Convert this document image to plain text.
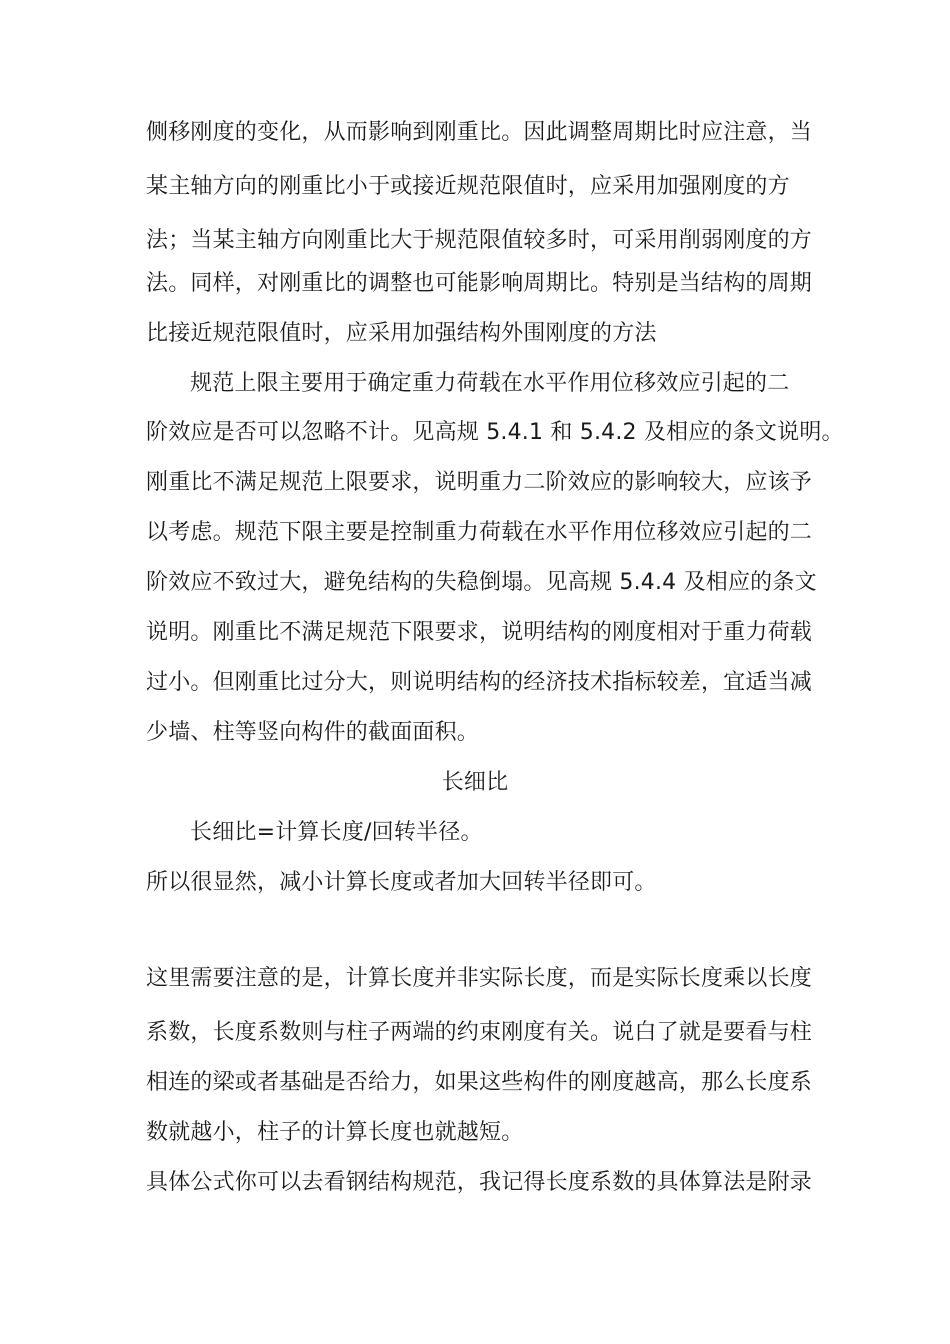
侧移刚度的变化，从而影响到刚重比。因此调整周期比时应注意，当
某主轴方向的刚重比小于或接近规范限值时，应采用加强刚度的方
法；当某主轴方向刚重比大于规范限值较多时，可采用削弱刚度的方
法。同样，对刚重比的调整也可能影响周期比。特别是当结构的周期
比接近规范限值时，应采用加强结构外围刚度的方法
规范上限主要用于确定重力荷载在水平作用位移效应引起的二
阶效应是否可以忽略不计。见高规 5.4.1 和 5.4.2 及相应的条文说明。
刚重比不满足规范上限要求，说明重力二阶效应的影响较大，应该予
以考虑。规范下限主要是控制重力荷载在水平作用位移效应引起的二
阶效应不致过大，避免结构的失稳倒塌。见高规 5.4.4 及相应的条文
说明。刚重比不满足规范下限要求，说明结构的刚度相对于重力荷载
过小。但刚重比过分大，则说明结构的经济技术指标较差，宜适当减
少墙、柱等竖向构件的截面面积。
长细比
长细比=计算长度/回转半径。
所以很显然，减小计算长度或者加大回转半径即可。
这里需要注意的是，计算长度并非实际长度，而是实际长度乘以长度
系数，长度系数则与柱子两端的约束刚度有关。说白了就是要看与柱
相连的梁或者基础是否给力，如果这些构件的刚度越高，那么长度系
数就越小，柱子的计算长度也就越短。
具体公式你可以去看钢结构规范，我记得长度系数的具体算法是附录
